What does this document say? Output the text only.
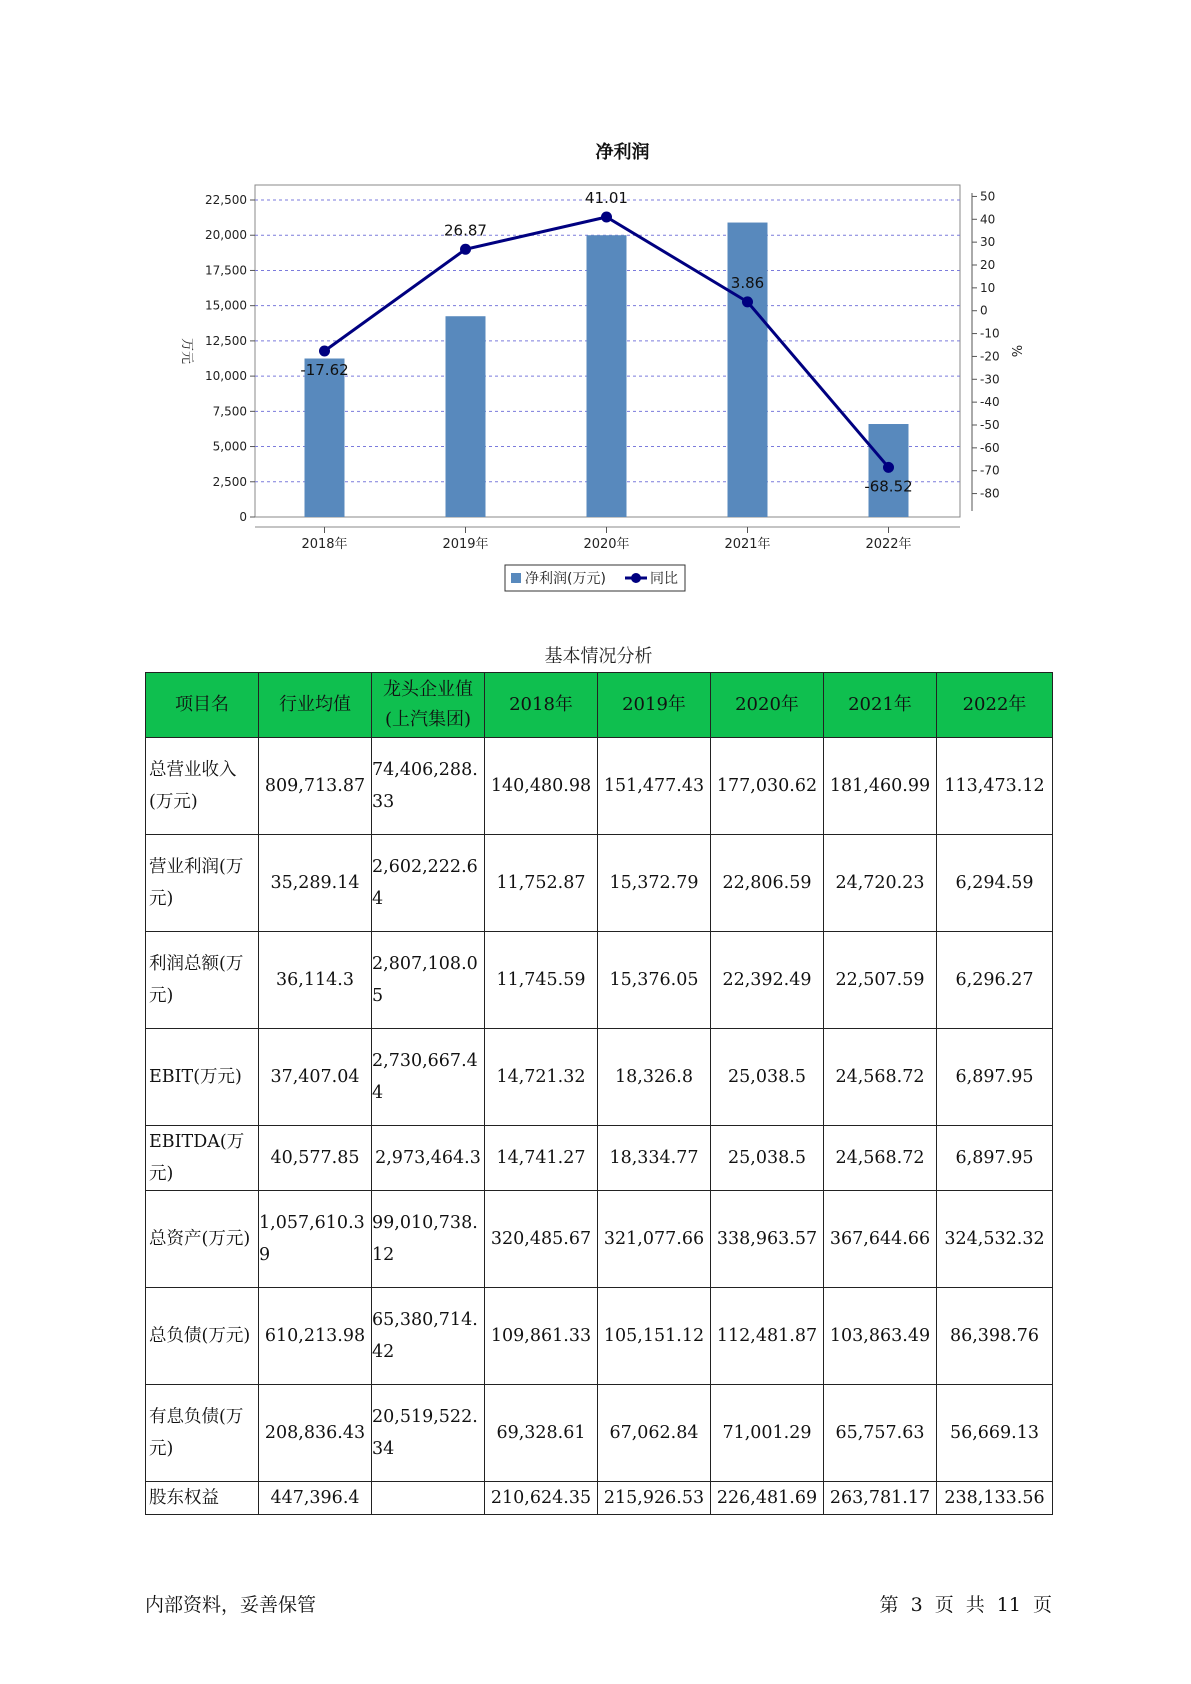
净利润
0
2,500
5,000
7,500
10,000
12,500
15,000
17,500
20,000
22,500
万元
-80
-70
-60
-50
-40
-30
-20
-10
0
10
20
30
40
50
%
2018年	2019年	2020年	2021年	2022年
-17.62
26.87
41.01
3.86
-68.52
净利润(万元)	同比
基本情况分析
项目名	行业均值	龙头企业值(上汽集团)	2018年	2019年	2020年	2021年	2022年
总营业收入(万元)	809,713.87	74,406,288.33	140,480.98	151,477.43	177,030.62	181,460.99	113,473.12
营业利润(万元)	35,289.14	2,602,222.64	11,752.87	15,372.79	22,806.59	24,720.23	6,294.59
利润总额(万元)	36,114.3	2,807,108.05	11,745.59	15,376.05	22,392.49	22,507.59	6,296.27
EBIT(万元)	37,407.04	2,730,667.44	14,721.32	18,326.8	25,038.5	24,568.72	6,897.95
EBITDA(万元)	40,577.85	2,973,464.3	14,741.27	18,334.77	25,038.5	24,568.72	6,897.95
总资产(万元)	1,057,610.39	99,010,738.12	320,485.67	321,077.66	338,963.57	367,644.66	324,532.32
总负债(万元)	610,213.98	65,380,714.42	109,861.33	105,151.12	112,481.87	103,863.49	86,398.76
有息负债(万元)	208,836.43	20,519,522.34	69,328.61	67,062.84	71,001.29	65,757.63	56,669.13
股东权益	447,396.4		210,624.35	215,926.53	226,481.69	263,781.17	238,133.56
内部资料，妥善保管	第 3 页 共 11 页
